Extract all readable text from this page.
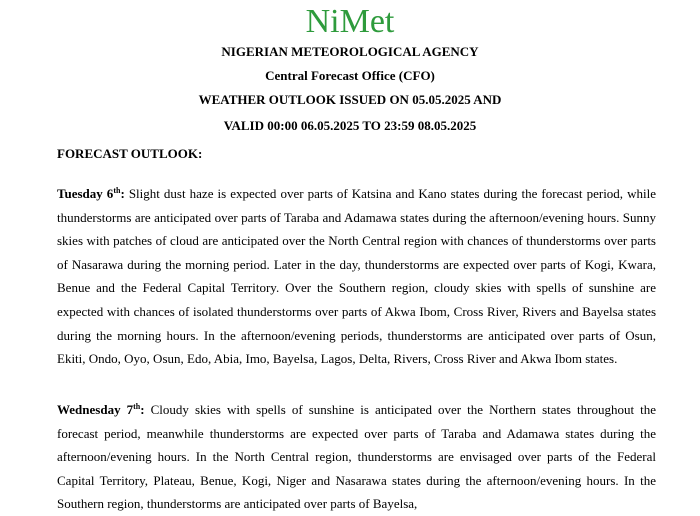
NiMet
NIGERIAN METEOROLOGICAL AGENCY
Central Forecast Office (CFO)
WEATHER OUTLOOK ISSUED ON 05.05.2025 AND
VALID 00:00 06.05.2025 TO 23:59 08.05.2025
FORECAST OUTLOOK:
Tuesday 6th: Slight dust haze is expected over parts of Katsina and Kano states during the forecast period, while thunderstorms are anticipated over parts of Taraba and Adamawa states during the afternoon/evening hours. Sunny skies with patches of cloud are anticipated over the North Central region with chances of thunderstorms over parts of Nasarawa during the morning period. Later in the day, thunderstorms are expected over parts of Kogi, Kwara, Benue and the Federal Capital Territory. Over the Southern region, cloudy skies with spells of sunshine are expected with chances of isolated thunderstorms over parts of Akwa Ibom, Cross River, Rivers and Bayelsa states during the morning hours. In the afternoon/evening periods, thunderstorms are anticipated over parts of Osun, Ekiti, Ondo, Oyo, Osun, Edo, Abia, Imo, Bayelsa, Lagos, Delta, Rivers, Cross River and Akwa Ibom states.
Wednesday 7th: Cloudy skies with spells of sunshine is anticipated over the Northern states throughout the forecast period, meanwhile thunderstorms are expected over parts of Taraba and Adamawa states during the afternoon/evening hours. In the North Central region, thunderstorms are envisaged over parts of the Federal Capital Territory, Plateau, Benue, Kogi, Niger and Nasarawa states during the afternoon/evening hours. In the Southern region, thunderstorms are anticipated over parts of Bayelsa,
